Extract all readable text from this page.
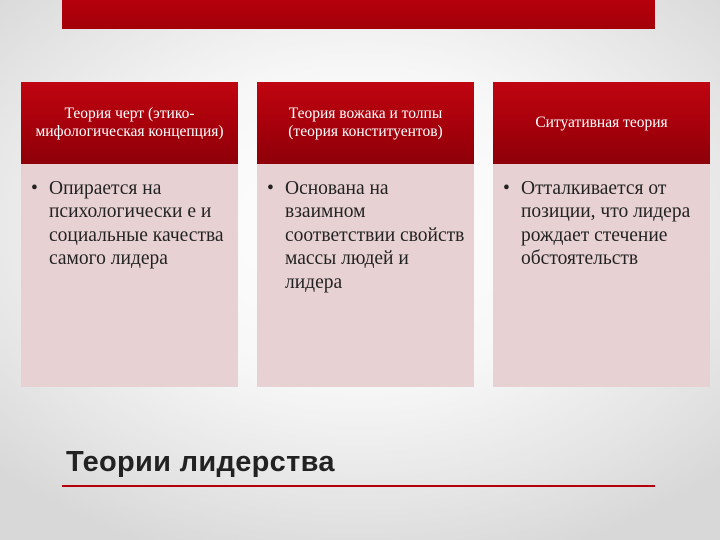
Теория черт (этико-мифологическая концепция)
• Опирается на психологически е и социальные качества самого лидера
Теория вожака и толпы (теория конституентов)
• Основана на взаимном соответствии свойств массы людей и лидера
Ситуативная теория
• Отталкивается от позиции, что лидера рождает стечение обстоятельств
Теории лидерства
